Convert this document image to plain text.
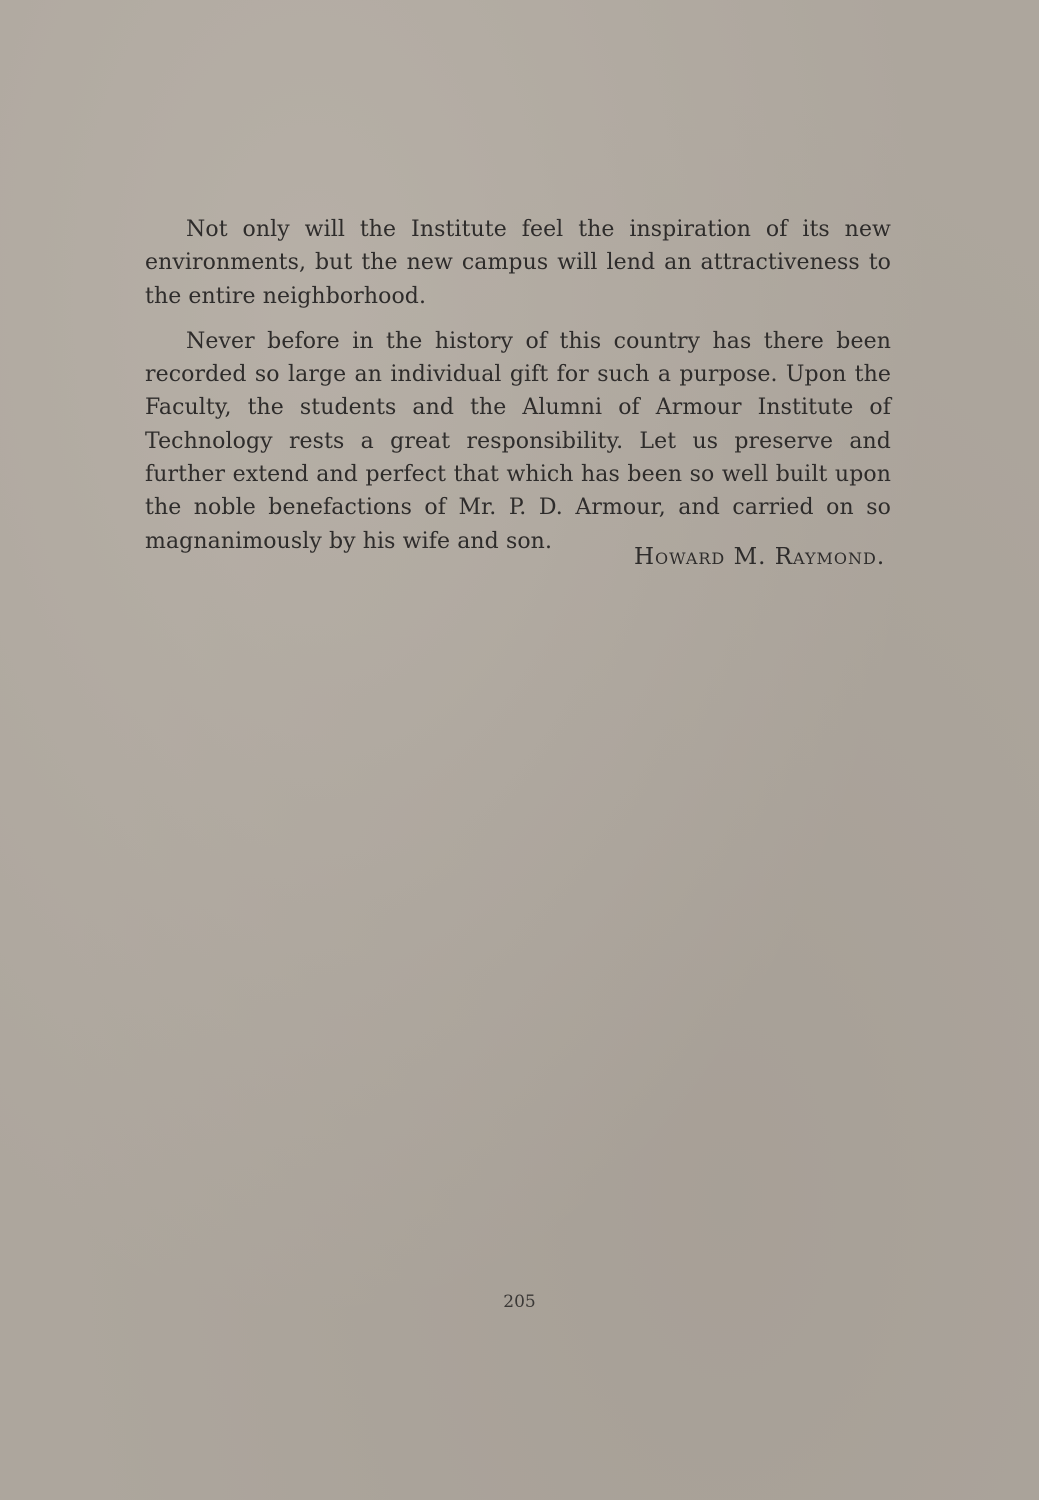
Not only will the Institute feel the inspiration of its new environments, but the new campus will lend an attractiveness to the entire neighborhood.

Never before in the history of this country has there been recorded so large an individual gift for such a purpose. Upon the Faculty, the students and the Alumni of Armour Institute of Technology rests a great responsibility. Let us preserve and further extend and perfect that which has been so well built upon the noble benefactions of Mr. P. D. Armour, and carried on so magnanimously by his wife and son.

Howard M. Raymond.
205
